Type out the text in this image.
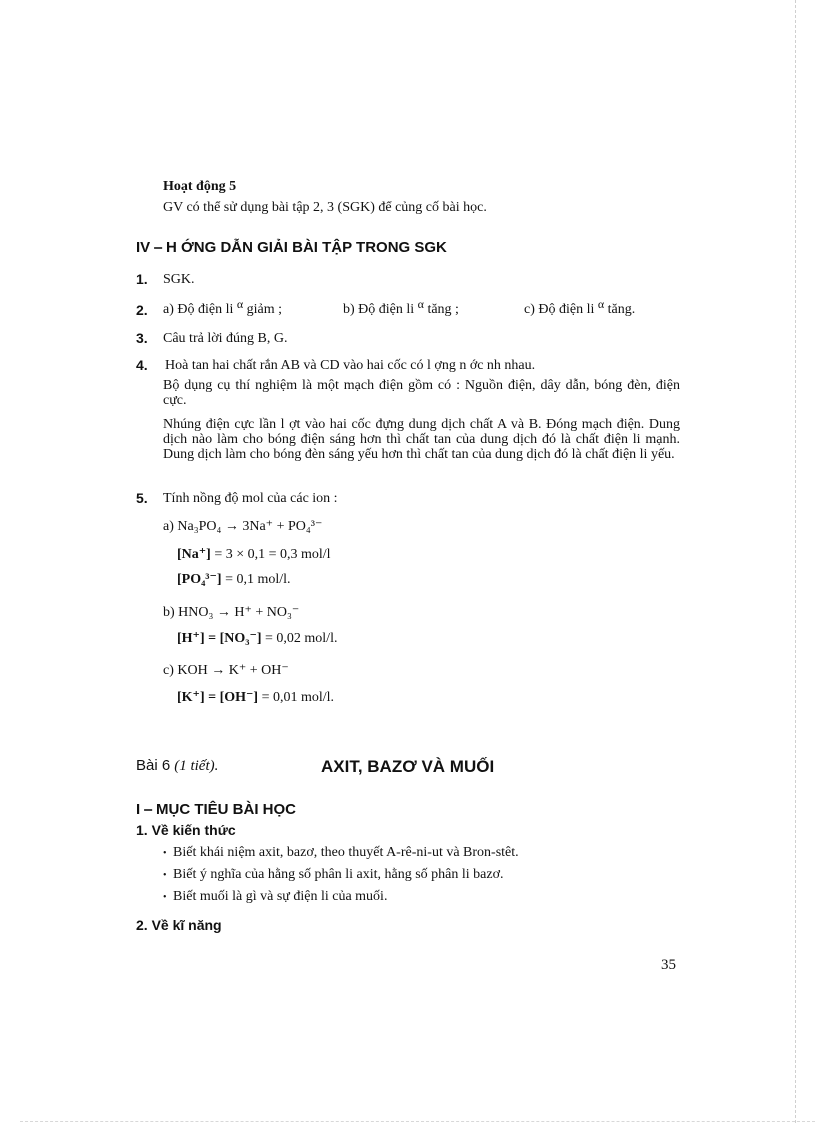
Hoạt động 5
GV có thể sử dụng bài tập 2, 3 (SGK) để củng cố bài học.
IV ⎯ H ỚNG DẪN GIẢI BÀI TẬP TRONG SGK
1. SGK.
2. a) Độ điện li α giảm ;	b) Độ điện li α tăng ;	c) Độ điện li α tăng.
3. Câu trả lời đúng B, G.
4. Hoà tan hai chất rắn AB và CD vào hai cốc có l ợng n ớc nh nhau.
Bộ dụng cụ thí nghiệm là một mạch điện gồm có : Nguồn điện, dây dẫn, bóng đèn, điện cực.
Nhúng điện cực lần l ợt vào hai cốc đựng dung dịch chất A và B. Đóng mạch điện. Dung dịch nào làm cho bóng điện sáng hơn thì chất tan của dung dịch đó là chất điện li mạnh. Dung dịch làm cho bóng đèn sáng yếu hơn thì chất tan của dung dịch đó là chất điện li yếu.
5. Tính nồng độ mol của các ion :
a) Na₃PO₄ → 3Na⁺ + PO₄³⁻
[Na⁺] = 3 × 0,1 = 0,3 mol/l
[PO₄³⁻] = 0,1 mol/l.
b) HNO₃ → H⁺ + NO₃⁻
[H⁺] = [NO₃⁻] = 0,02 mol/l.
c) KOH → K⁺ + OH⁻
[K⁺] = [OH⁻] = 0,01 mol/l.
Bài 6 (1 tiết).	AXIT, BAZƠ VÀ MUỐI
I ⎯ MỤC TIÊU BÀI HỌC
1. Về kiến thức
• Biết khái niệm axit, bazơ, theo thuyết A-rê-ni-ut và Bron-stêt.
• Biết ý nghĩa của hằng số phân li axit, hằng số phân li bazơ.
• Biết muối là gì và sự điện li của muối.
2. Về kĩ năng
35
